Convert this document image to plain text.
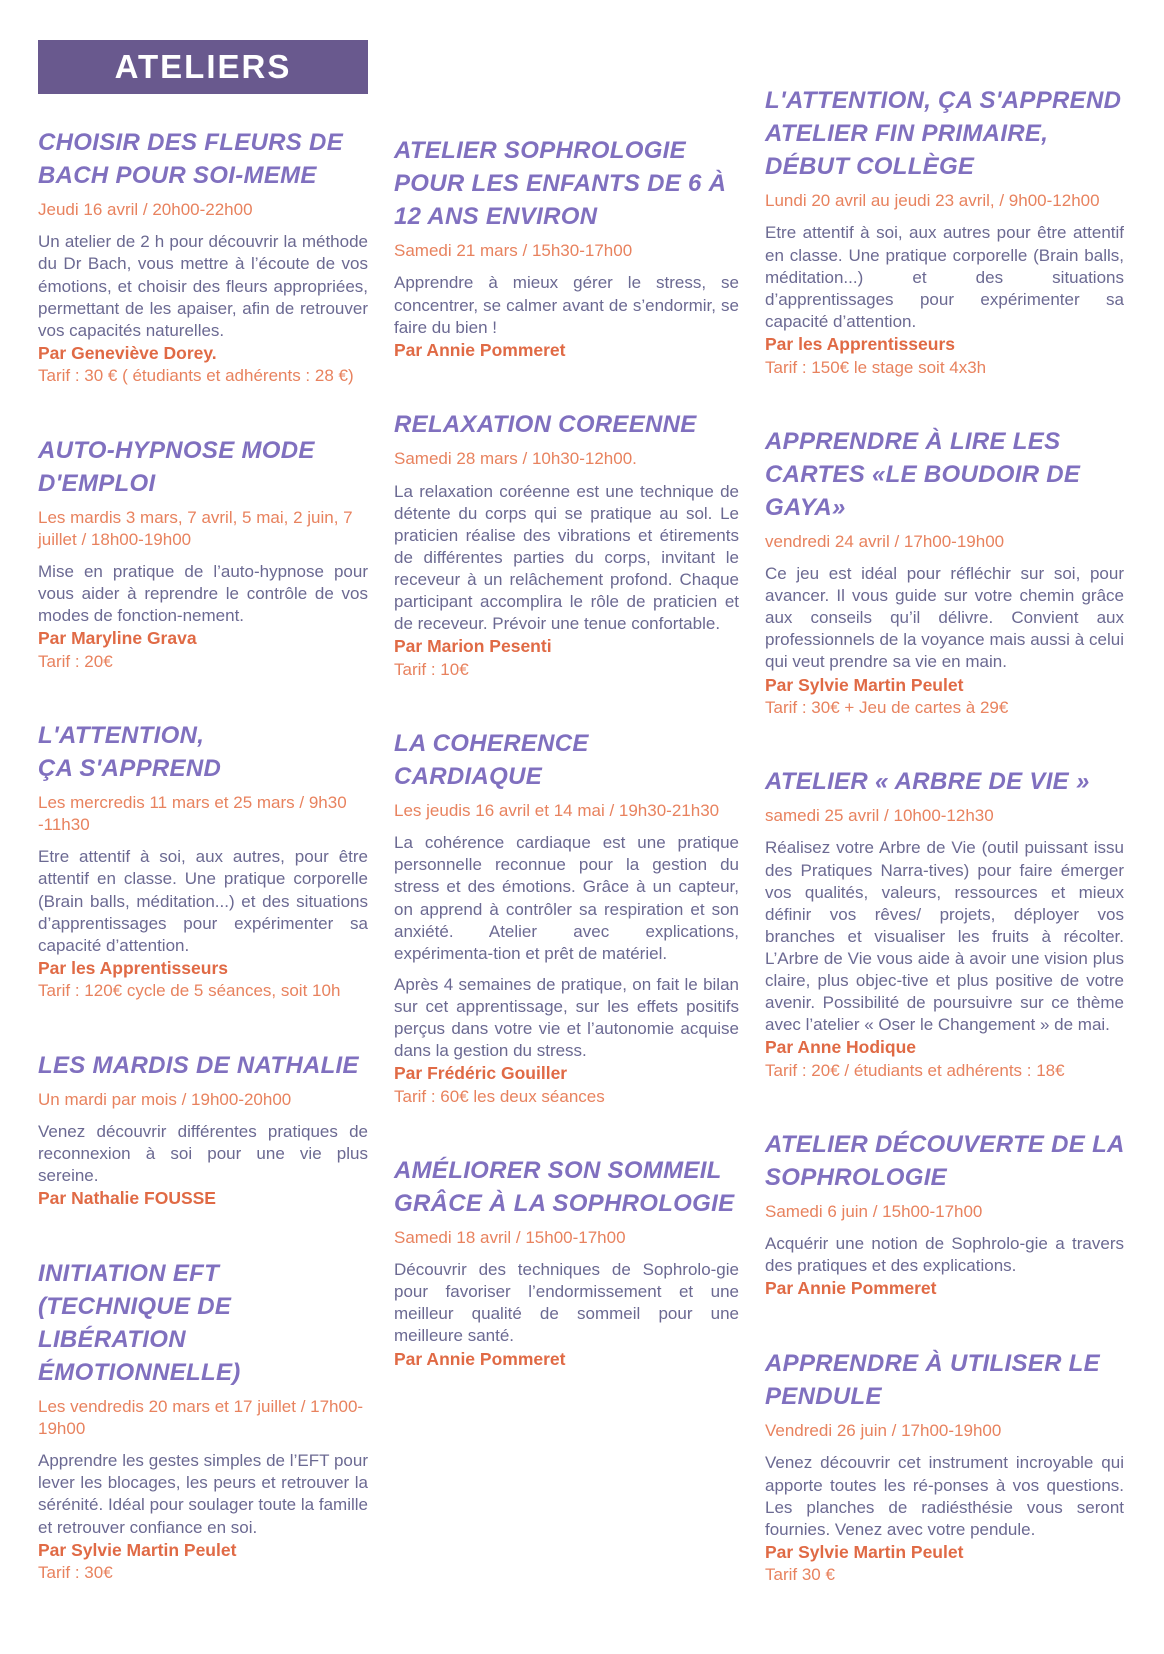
ATELIERS
CHOISIR DES FLEURS DE BACH POUR SOI-MEME
Jeudi 16 avril / 20h00-22h00

Un atelier de 2 h pour découvrir la méthode du Dr Bach, vous mettre à l’écoute de vos émotions, et choisir des fleurs appropriées, permettant de les apaiser, afin de retrouver vos capacités naturelles.

Par Geneviève Dorey.
Tarif : 30 € ( étudiants et adhérents : 28 €)
AUTO-HYPNOSE MODE D'EMPLOI
Les mardis 3 mars, 7 avril, 5 mai, 2 juin, 7 juillet / 18h00-19h00

Mise en pratique de l’auto-hypnose pour vous aider à reprendre le contrôle de vos modes de fonction-nement.

Par Maryline Grava
Tarif : 20€
L'ATTENTION,
ÇA S'APPREND
Les mercredis 11 mars et 25 mars / 9h30 -11h30

Etre attentif à soi, aux autres, pour être attentif en classe. Une pratique corporelle (Brain balls, méditation...) et des situations d’apprentissages pour expérimenter sa capacité d’attention.

Par les Apprentisseurs
Tarif : 120€ cycle de 5 séances, soit 10h
LES MARDIS DE NATHALIE
Un mardi par mois / 19h00-20h00

Venez découvrir différentes pratiques de reconnexion à soi pour une vie plus sereine.

Par Nathalie FOUSSE
INITIATION EFT (TECHNIQUE DE LIBÉRATION ÉMOTIONNELLE)
Les vendredis 20 mars et 17 juillet / 17h00-19h00

Apprendre les gestes simples de l’EFT pour lever les blocages, les peurs et retrouver la sérénité. Idéal pour soulager toute la famille et retrouver confiance en soi.

Par Sylvie Martin Peulet
Tarif : 30€
ATELIER SOPHROLOGIE POUR LES ENFANTS DE 6 À 12 ANS ENVIRON
Samedi 21 mars / 15h30-17h00

Apprendre à mieux gérer le stress, se concentrer, se calmer avant de s’endormir, se faire du bien !

Par Annie Pommeret
RELAXATION COREENNE
Samedi 28 mars / 10h30-12h00.

La relaxation coréenne est une technique de détente du corps qui se pratique au sol. Le praticien réalise des vibrations et étirements de différentes parties du corps, invitant le receveur à un relâchement profond. Chaque participant accomplira le rôle de praticien et de receveur. Prévoir une tenue confortable.

Par Marion Pesenti
Tarif : 10€
LA COHERENCE CARDIAQUE
Les jeudis 16 avril et 14 mai / 19h30-21h30

La cohérence cardiaque est une pratique personnelle reconnue pour la gestion du stress et des émotions. Grâce à un capteur, on apprend à contrôler sa respiration et son anxiété. Atelier avec explications, expérimenta-tion et prêt de matériel.

Après 4 semaines de pratique, on fait le bilan sur cet apprentissage, sur les effets positifs perçus dans votre vie et l’autonomie acquise dans la gestion du stress.

Par Frédéric Gouiller
Tarif : 60€ les deux séances
AMÉLIORER SON SOMMEIL GRÂCE À LA SOPHROLOGIE
Samedi 18 avril / 15h00-17h00

Découvrir des techniques de Sophrolo-gie pour favoriser l’endormissement et une meilleur qualité de sommeil pour une meilleure santé.

Par Annie Pommeret
L'ATTENTION, ÇA S'APPREND
ATELIER FIN PRIMAIRE, DÉBUT COLLÈGE
Lundi 20 avril au jeudi 23 avril, / 9h00-12h00

Etre attentif à soi, aux autres pour être attentif en classe. Une pratique corporelle (Brain balls, méditation...) et des situations d’apprentissages pour expérimenter sa capacité d’attention.

Par les Apprentisseurs
Tarif : 150€ le stage soit 4x3h
APPRENDRE À LIRE LES CARTES «LE BOUDOIR DE GAYA»
vendredi 24 avril / 17h00-19h00

Ce jeu est idéal pour réfléchir sur soi, pour avancer. Il vous guide sur votre chemin grâce aux conseils qu’il délivre. Convient aux professionnels de la voyance mais aussi à celui qui veut prendre sa vie en main.

Par Sylvie Martin Peulet
Tarif : 30€ + Jeu de cartes à 29€
ATELIER « ARBRE DE VIE »
samedi 25 avril / 10h00-12h30

Réalisez votre Arbre de Vie (outil puissant issu des Pratiques Narra-tives) pour faire émerger vos qualités, valeurs, ressources et mieux définir vos rêves/ projets, déployer vos branches et visualiser les fruits à récolter. L’Arbre de Vie vous aide à avoir une vision plus claire, plus objec-tive et plus positive de votre avenir. Possibilité de poursuivre sur ce thème avec l’atelier « Oser le Changement » de mai.

Par Anne Hodique
Tarif : 20€ / étudiants et adhérents : 18€
ATELIER DÉCOUVERTE DE LA SOPHROLOGIE
Samedi 6 juin / 15h00-17h00

Acquérir une notion de Sophrolo-gie a travers des pratiques et des explications.

Par Annie Pommeret
APPRENDRE À UTILISER LE PENDULE
Vendredi 26 juin / 17h00-19h00

Venez découvrir cet instrument incroyable qui apporte toutes les ré-ponses à vos questions. Les planches de radiésthésie vous seront fournies. Venez avec votre pendule.

Par Sylvie Martin Peulet
Tarif 30 €
